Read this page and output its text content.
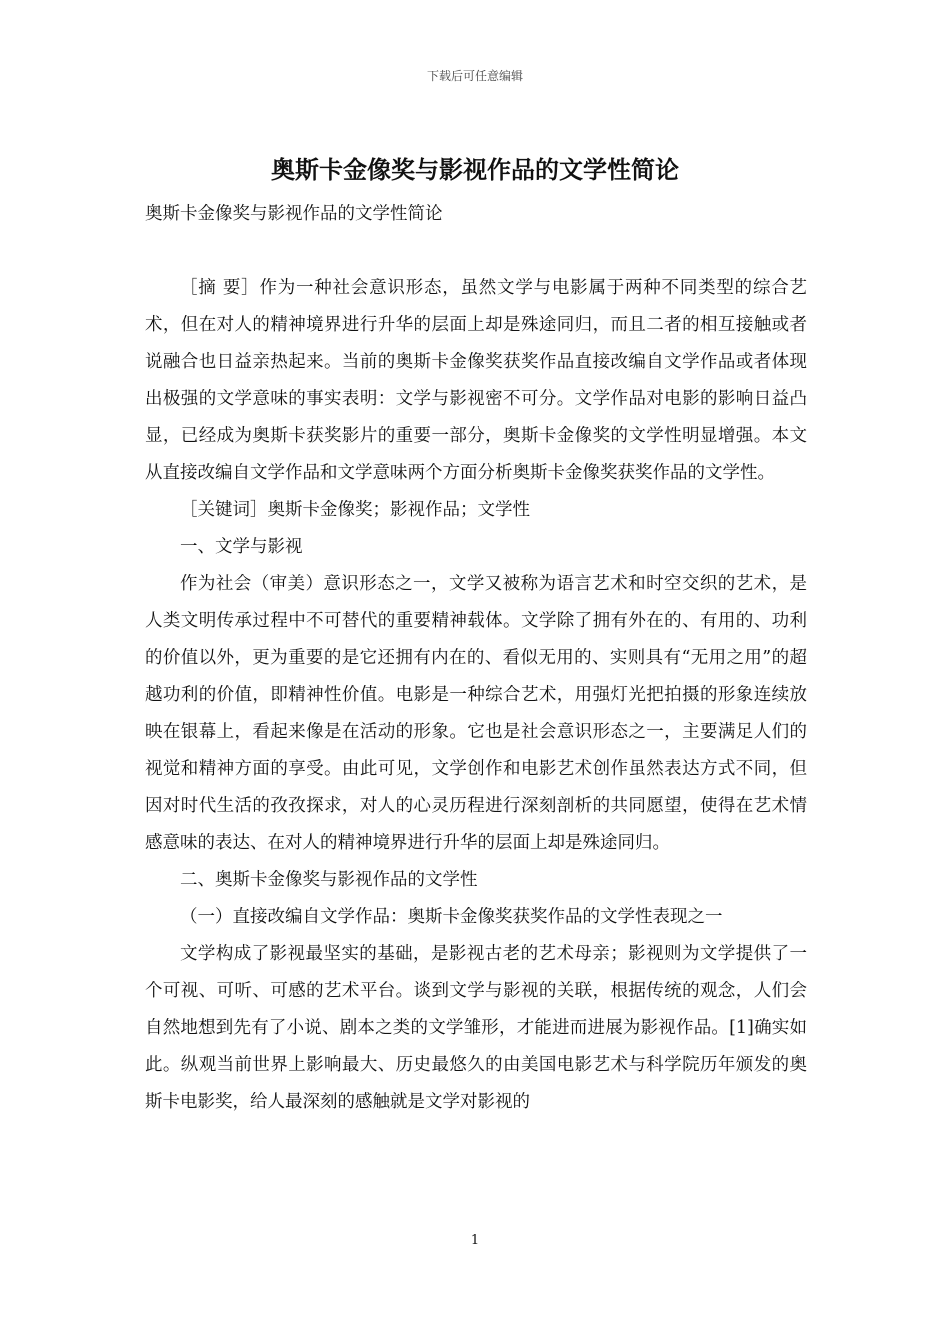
下载后可任意编辑
奥斯卡金像奖与影视作品的文学性简论
奥斯卡金像奖与影视作品的文学性简论

［摘 要］作为一种社会意识形态，虽然文学与电影属于两种不同类型的综合艺术，但在对人的精神境界进行升华的层面上却是殊途同归，而且二者的相互接触或者说融合也日益亲热起来。当前的奥斯卡金像奖获奖作品直接改编自文学作品或者体现出极强的文学意味的事实表明：文学与影视密不可分。文学作品对电影的影响日益凸显，已经成为奥斯卡获奖影片的重要一部分，奥斯卡金像奖的文学性明显增强。本文从直接改编自文学作品和文学意味两个方面分析奥斯卡金像奖获奖作品的文学性。

［关键词］奥斯卡金像奖；影视作品；文学性

一、文学与影视

作为社会（审美）意识形态之一，文学又被称为语言艺术和时空交织的艺术，是人类文明传承过程中不可替代的重要精神载体。文学除了拥有外在的、有用的、功利的价值以外，更为重要的是它还拥有内在的、看似无用的、实则具有“无用之用”的超越功利的价值，即精神性价值。电影是一种综合艺术，用强灯光把拍摄的形象连续放映在银幕上，看起来像是在活动的形象。它也是社会意识形态之一，主要满足人们的视觉和精神方面的享受。由此可见，文学创作和电影艺术创作虽然表达方式不同，但因对时代生活的孜孜探求，对人的心灵历程进行深刻剖析的共同愿望，使得在艺术情感意味的表达、在对人的精神境界进行升华的层面上却是殊途同归。

二、奥斯卡金像奖与影视作品的文学性

（一）直接改编自文学作品：奥斯卡金像奖获奖作品的文学性表现之一

文学构成了影视最坚实的基础，是影视古老的艺术母亲；影视则为文学提供了一个可视、可听、可感的艺术平台。谈到文学与影视的关联，根据传统的观念，人们会自然地想到先有了小说、剧本之类的文学雏形，才能进而进展为影视作品。[1]确实如此。纵观当前世界上影响最大、历史最悠久的由美国电影艺术与科学院历年颁发的奥斯卡电影奖，给人最深刻的感触就是文学对影视的

1
